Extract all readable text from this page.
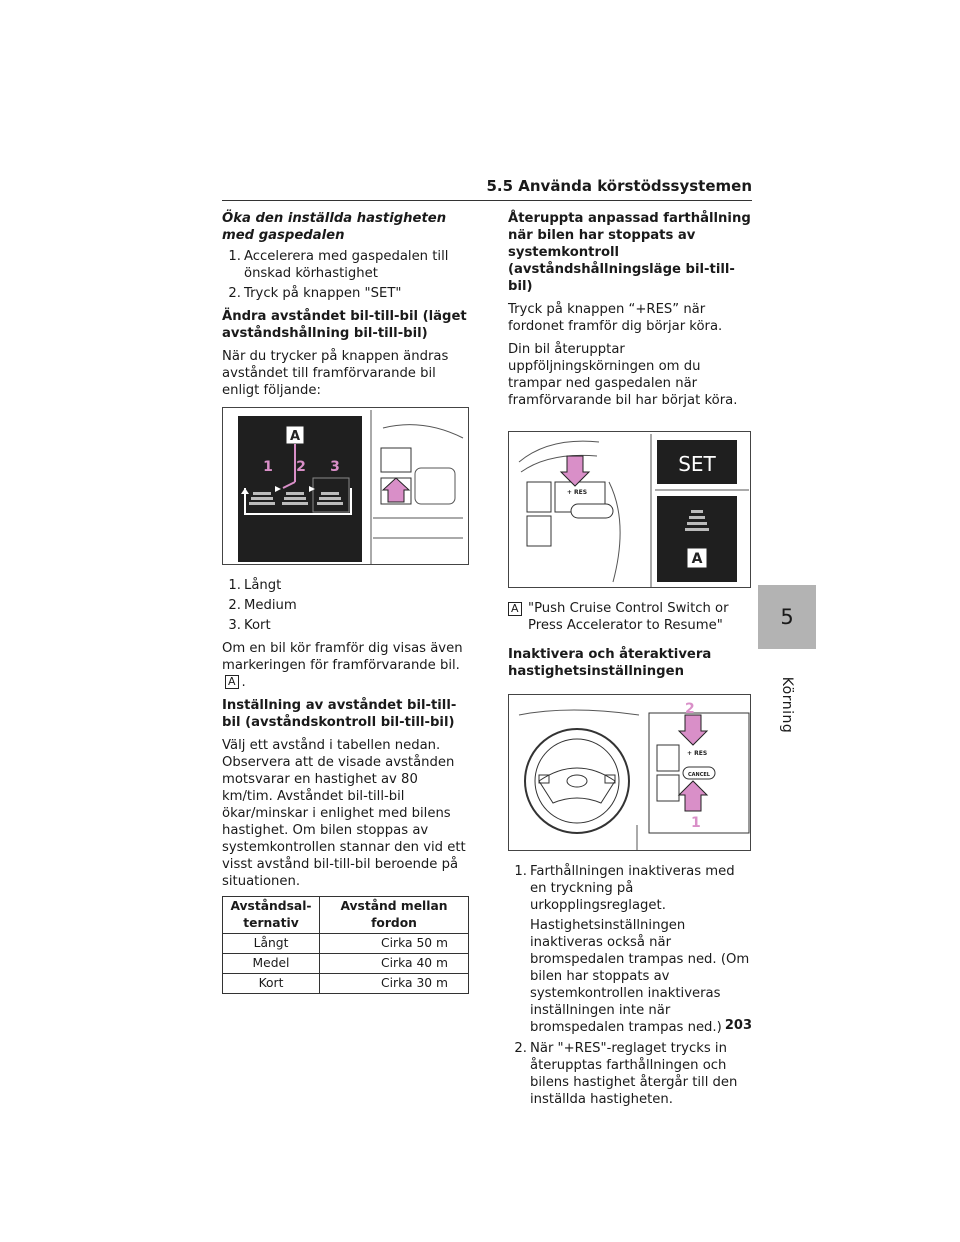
5.5 Använda körstödssystemen
5
Körning
Öka den inställda hastigheten med gaspedalen
1. Accelerera med gaspedalen till önskad körhastighet
2. Tryck på knappen "SET"
Ändra avståndet bil-till-bil (läget avståndshållning bil-till-bil)

När du trycker på knappen ändras avståndet till framförvarande bil enligt följande:

A
1 2 3
1. Långt
2. Medium
3. Kort

Om en bil kör framför dig visas även markeringen för framförvarande bil.A .

Inställning av avståndet bil-till-bil (avståndskontroll bil-till-bil)

Välj ett avstånd i tabellen nedan. Observera att de visade avstånden motsvarar en hastighet av 80 km/tim. Avståndet bil-till-bil ökar/minskar i enlighet med bilens hastighet. Om bilen stoppas av systemkontrollen stannar den vid ett visst avstånd bil-till-bil beroende på situationen.

Avståndsal-ternativ	Avstånd mellan fordon
Långt	Cirka 50 m
Medel	Cirka 40 m
Kort	Cirka 30 m
Återuppta anpassad farthållning när bilen har stoppats av systemkontroll (avståndshållningsläge bil-till-bil)

Tryck på knappen “+RES” när fordonet framför dig börjar köra.

Din bil återupptar uppföljningskörningen om du trampar ned gaspedalen när framförvarande bil har börjat köra.

+ RES
SET
A
A "Push Cruise Control Switch or Press Accelerator to Resume"
Inaktivera och återaktivera hastighetsinställningen
+ RES
CANCEL
2
1
1. Farthållningen inaktiveras med en tryckning på urkopplingsreglaget.
Hastighetsinställningen inaktiveras också när bromspedalen trampas ned. (Om bilen har stoppats av systemkontrollen inaktiveras inställningen inte när bromspedalen trampas ned.)
2. När "+RES"-reglaget trycks in återupptas farthållningen och bilens hastighet återgår till den inställda hastigheten.
203
